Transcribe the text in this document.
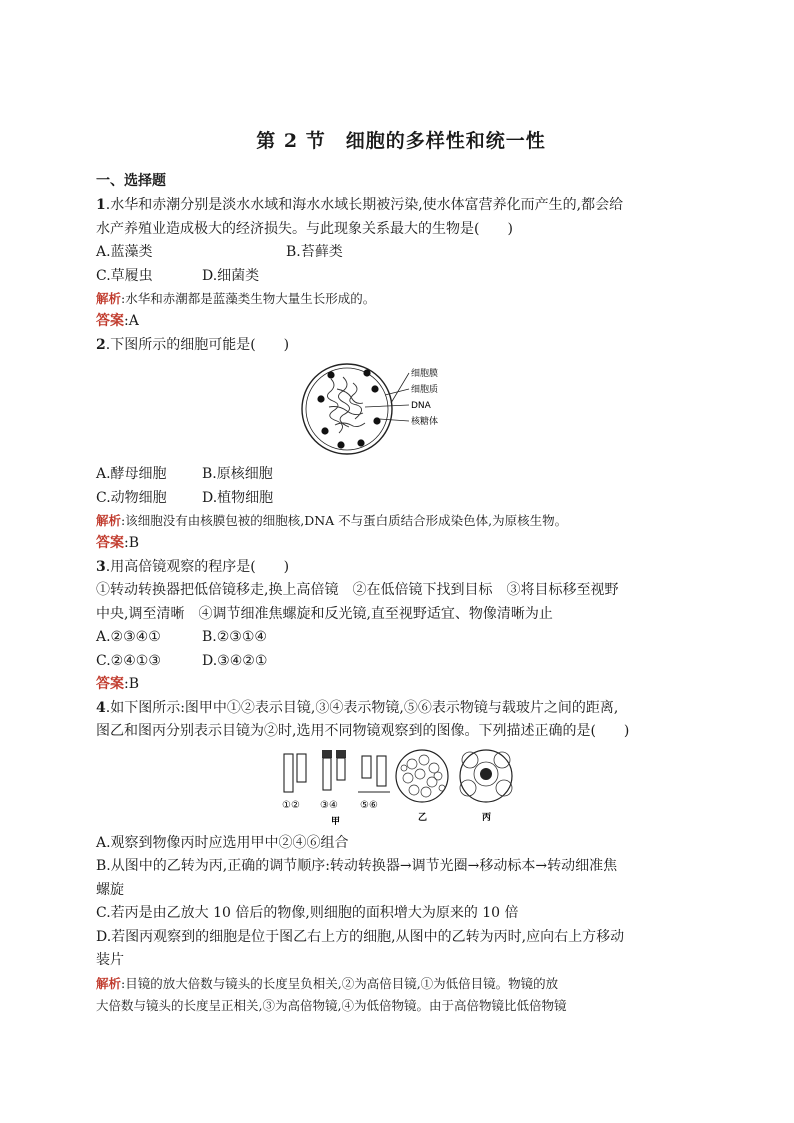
第 2 节　细胞的多样性和统一性
一、选择题
1.水华和赤潮分别是淡水水域和海水水域长期被污染,使水体富营养化而产生的,都会给
水产养殖业造成极大的经济损失。与此现象关系最大的生物是(　　)
A.蓝藻类	B.苔藓类
C.草履虫	D.细菌类
解析:水华和赤潮都是蓝藻类生物大量生长形成的。
答案:A
2.下图所示的细胞可能是(　　)
细胞膜
细胞质
DNA
核糖体
A.酵母细胞	B.原核细胞
C.动物细胞	D.植物细胞
解析:该细胞没有由核膜包被的细胞核,DNA 不与蛋白质结合形成染色体,为原核生物。
答案:B
3.用高倍镜观察的程序是(　　)
①转动转换器把低倍镜移走,换上高倍镜　②在低倍镜下找到目标　③将目标移至视野
中央,调至清晰　④调节细准焦螺旋和反光镜,直至视野适宜、物像清晰为止
A.②③④①	B.②③①④
C.②④①③	D.③④②①
答案:B
4.如下图所示:图甲中①②表示目镜,③④表示物镜,⑤⑥表示物镜与载玻片之间的距离,
图乙和图丙分别表示目镜为②时,选用不同物镜观察到的图像。下列描述正确的是(　　)
①② ③④ ⑤⑥
甲	乙	丙
A.观察到物像丙时应选用甲中②④⑥组合
B.从图中的乙转为丙,正确的调节顺序:转动转换器→调节光圈→移动标本→转动细准焦
螺旋
C.若丙是由乙放大 10 倍后的物像,则细胞的面积增大为原来的 10 倍
D.若图丙观察到的细胞是位于图乙右上方的细胞,从图中的乙转为丙时,应向右上方移动
装片
解析:目镜的放大倍数与镜头的长度呈负相关,②为高倍目镜,①为低倍目镜。物镜的放
大倍数与镜头的长度呈正相关,③为高倍物镜,④为低倍物镜。由于高倍物镜比低倍物镜
